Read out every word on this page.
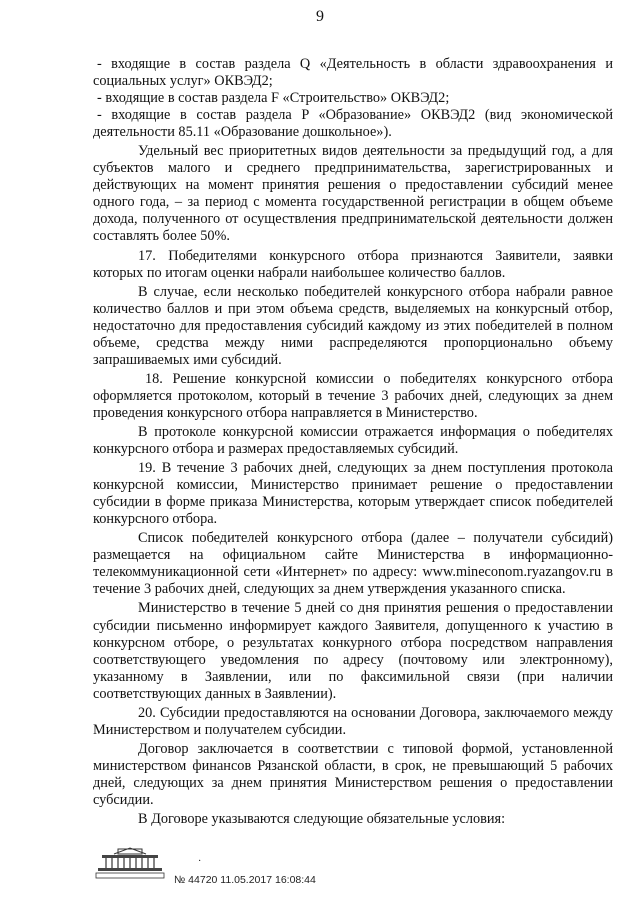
9

- входящие в состав раздела Q «Деятельность в области здравоохранения и социальных услуг» ОКВЭД2;

- входящие в состав раздела F «Строительство» ОКВЭД2;

- входящие в состав раздела P «Образование» ОКВЭД2 (вид экономической деятельности 85.11 «Образование дошкольное»).

Удельный вес приоритетных видов деятельности за предыдущий год, а для субъектов малого и среднего предпринимательства, зарегистрированных и действующих на момент принятия решения о предоставлении субсидий менее одного года, – за период с момента государственной регистрации в общем объеме дохода, полученного от осуществления предпринимательской деятельности должен составлять более 50%.

17. Победителями конкурсного отбора признаются Заявители, заявки которых по итогам оценки набрали наибольшее количество баллов.

В случае, если несколько победителей конкурсного отбора набрали равное количество баллов и при этом объема средств, выделяемых на конкурсный отбор, недостаточно для предоставления субсидий каждому из этих победителей в полном объеме, средства между ними распределяются пропорционально объему запрашиваемых ими субсидий.

18. Решение конкурсной комиссии о победителях конкурсного отбора оформляется протоколом, который в течение 3 рабочих дней, следующих за днем проведения конкурсного отбора направляется в Министерство.

В протоколе конкурсной комиссии отражается информация о победителях конкурсного отбора и размерах предоставляемых субсидий.

19. В течение 3 рабочих дней, следующих за днем поступления протокола конкурсной комиссии, Министерство принимает решение о предоставлении субсидии в форме приказа Министерства, которым утверждает список победителей конкурсного отбора.

Список победителей конкурсного отбора (далее – получатели субсидий) размещается на официальном сайте Министерства в информационно-телекоммуникационной сети «Интернет» по адресу: www.mineconom.ryazangov.ru в течение 3 рабочих дней, следующих за днем утверждения указанного списка.

Министерство в течение 5 дней со дня принятия решения о предоставлении субсидии письменно информирует каждого Заявителя, допущенного к участию в конкурсном отборе, о результатах конкурного отбора посредством направления соответствующего уведомления по адресу (почтовому или электронному), указанному в Заявлении, или по факсимильной связи (при наличии соответствующих данных в Заявлении).

20. Субсидии предоставляются на основании Договора, заключаемого между Министерством и получателем субсидии.

Договор заключается в соответствии с типовой формой, установленной министерством финансов Рязанской области, в срок, не превышающий 5 рабочих дней, следующих за днем принятия Министерством решения о предоставлении субсидии.

В Договоре указываются следующие обязательные условия:

·
№ 44720 11.05.2017 16:08:44
